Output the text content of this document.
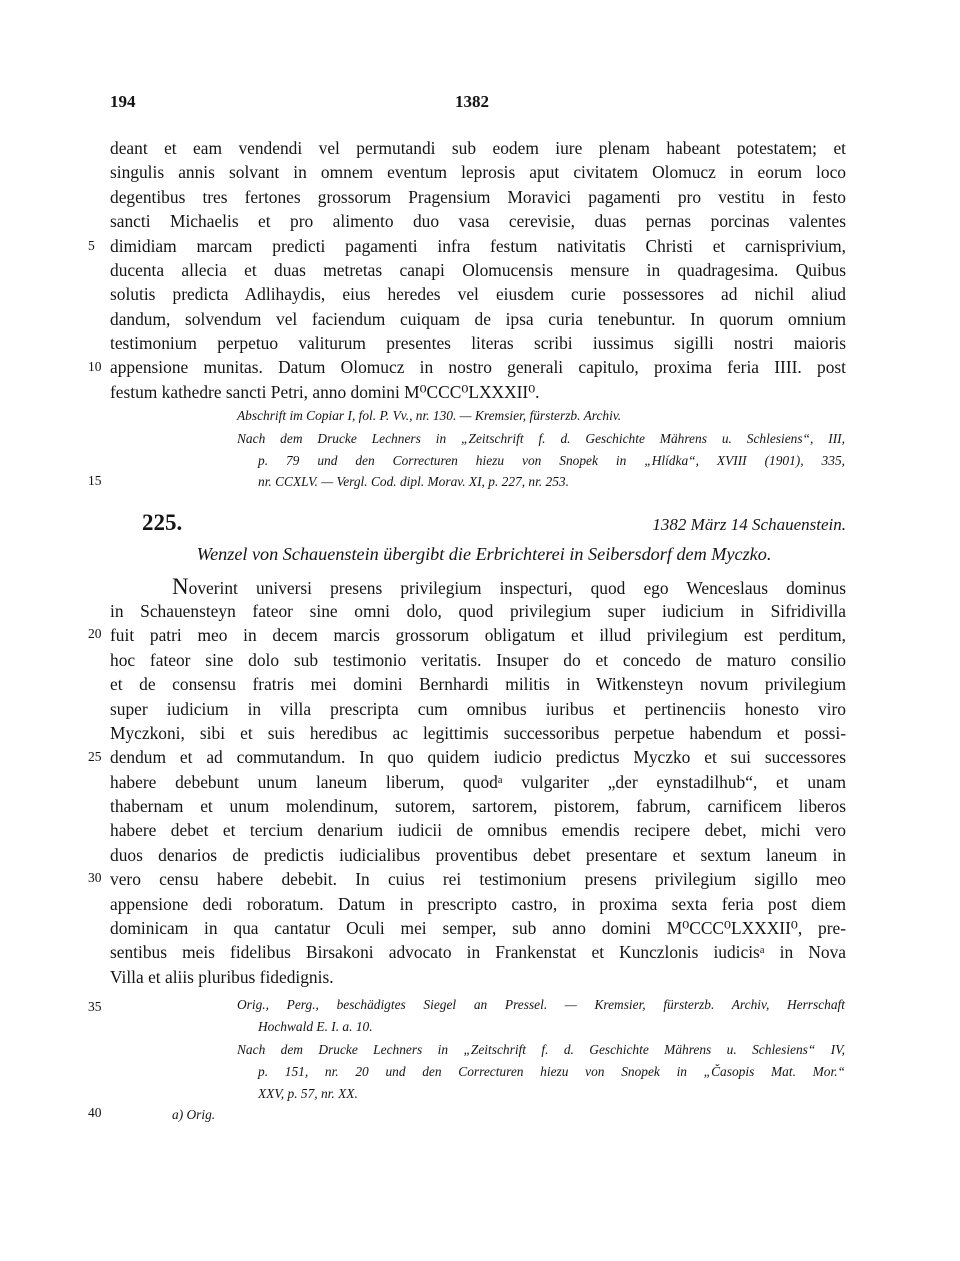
194	1382
5
10
15
20
25
30
35
40
deant et eam vendendi vel permutandi sub eodem iure plenam habeant potestatem; et
singulis annis solvant in omnem eventum leprosis aput civitatem Olomucz in eorum loco
degentibus tres fertones grossorum Pragensium Moravici pagamenti pro vestitu in festo
sancti Michaelis et pro alimento duo vasa cerevisie, duas pernas porcinas valentes
dimidiam marcam predicti pagamenti infra festum nativitatis Christi et carnisprivium,
ducenta allecia et duas metretas canapi Olomucensis mensure in quadragesima. Quibus
solutis predicta Adlihaydis, eius heredes vel eiusdem curie possessores ad nichil aliud
dandum, solvendum vel faciendum cuiquam de ipsa curia tenebuntur. In quorum omnium
testimonium perpetuo valiturum presentes literas scribi iussimus sigilli nostri maioris
appensione munitas. Datum Olomucz in nostro generali capitulo, proxima feria IIII. post
festum kathedre sancti Petri, anno domini M⁰CCC⁰LXXXII⁰.
Abschrift im Copiar I, fol. P. Vv., nr. 130. — Kremsier, fürsterzb. Archiv.
Nach dem Drucke Lechners in „Zeitschrift f. d. Geschichte Mährens u. Schlesiens“, III,
p. 79 und den Correcturen hiezu von Snopek in „Hlídka“, XVIII (1901), 335,
nr. CCXLV. — Vergl. Cod. dipl. Morav. XI, p. 227, nr. 253.
225.	1382 März 14 Schauenstein.
Wenzel von Schauenstein übergibt die Erbrichterei in Seibersdorf dem Myczko.
Noverint universi presens privilegium inspecturi, quod ego Wenceslaus dominus
in Schauensteyn fateor sine omni dolo, quod privilegium super iudicium in Sifridivilla
fuit patri meo in decem marcis grossorum obligatum et illud privilegium est perditum,
hoc fateor sine dolo sub testimonio veritatis. Insuper do et concedo de maturo consilio
et de consensu fratris mei domini Bernhardi militis in Witkensteyn novum privilegium
super iudicium in villa prescripta cum omnibus iuribus et pertinenciis honesto viro
Myczkoni, sibi et suis heredibus ac legittimis successoribus perpetue habendum et possi-
dendum et ad commutandum. In quo quidem iudicio predictus Myczko et sui successores
habere debebunt unum laneum liberum, quodᵃ vulgariter „der eynstadilhub“, et unam
thabernam et unum molendinum, sutorem, sartorem, pistorem, fabrum, carnificem liberos
habere debet et tercium denarium iudicii de omnibus emendis recipere debet, michi vero
duos denarios de predictis iudicialibus proventibus debet presentare et sextum laneum in
vero censu habere debebit. In cuius rei testimonium presens privilegium sigillo meo
appensione dedi roboratum. Datum in prescripto castro, in proxima sexta feria post diem
dominicam in qua cantatur Oculi mei semper, sub anno domini M⁰CCC⁰LXXXII⁰, pre-
sentibus meis fidelibus Birsakoni advocato in Frankenstat et Kunczlonis iudicisᵃ in Nova
Villa et aliis pluribus fidedignis.
Orig., Perg., beschädigtes Siegel an Pressel. — Kremsier, fürsterzb. Archiv, Herrschaft
Hochwald E. I. a. 10.
Nach dem Drucke Lechners in „Zeitschrift f. d. Geschichte Mährens u. Schlesiens“ IV,
p. 151, nr. 20 und den Correcturen hiezu von Snopek in „Časopis Mat. Mor.“
XXV, p. 57, nr. XX.
a) Orig.
